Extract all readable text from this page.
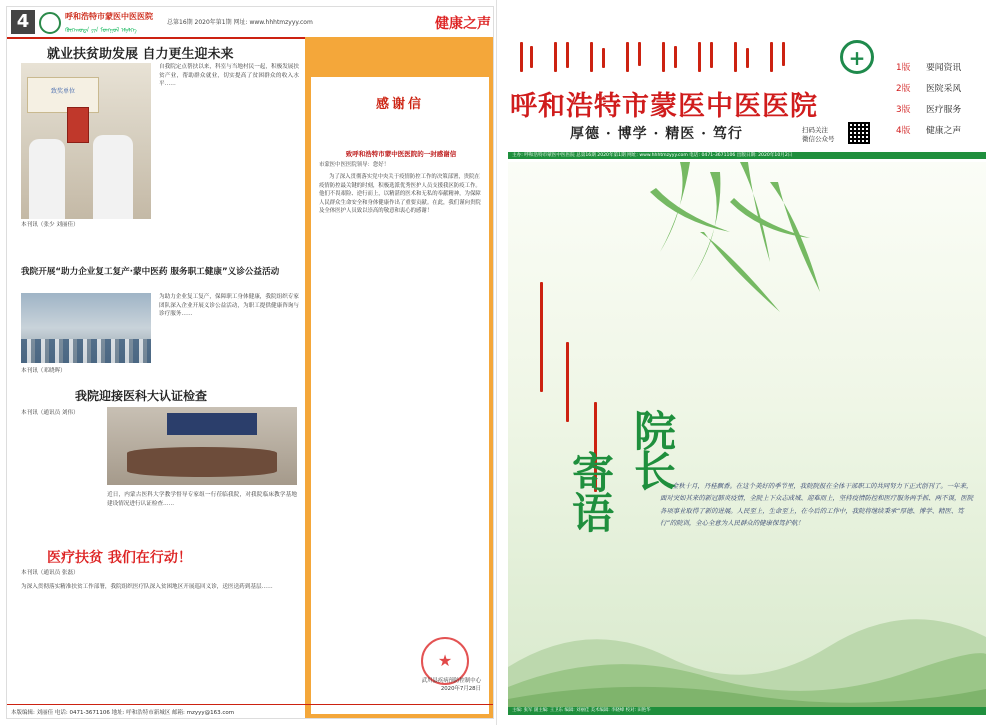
4	呼和浩特市蒙医中医医院
ᠬᠥᠬᠡᠬᠣᠲᠠ ᠶᠢᠨ ᠮᠣᠩᠭᠣᠯ ᠡᠮᠨᠡᠯᠭᠡ
总第16期 2020年第1期 网址: www.hhhtmzyyy.com	健康之声
就业扶贫助发展 自力更生迎未来
致奖单位
自我院定点帮扶以来，科室与当地村民一起，积极发展扶贫产业，帮助群众就业，切实提高了贫困群众的收入水平……
本刊讯（张少 刘丽佳）
我院开展“助力企业复工复产·蒙中医药 服务职工健康”义诊公益活动
为助力企业复工复产，保障职工身体健康，我院组织专家团队深入企业开展义诊公益活动，为职工提供健康咨询与诊疗服务……
本刊讯（邓晓晖）
我院迎接医科大认证检查
本刊讯（通讯员 刘伟）
近日，内蒙古医科大学教学督导专家组一行莅临我院，对我院临床教学基地建设情况进行认证检查……
医疗扶贫 我们在行动！
本刊讯（通讯员 张磊）
为深入贯彻落实精准扶贫工作部署，我院组织医疗队深入贫困地区开展巡回义诊，送医送药到基层……
感谢信
致呼和浩特市蒙中医医院的一封感谢信
市蒙医中医医院领导：您好！
为了深入贯彻落实党中央关于疫情防控工作的决策部署，贵院在疫情防控最关键的时刻，积极选派优秀医护人员支援我区防疫工作。他们不畏艰险、逆行而上，以精湛的医术和无私的奉献精神，为保障人民群众生命安全和身体健康作出了重要贡献。在此，我们谨向贵院及全体医护人员致以崇高的敬意和衷心的感谢！
★
武川县疾病预防控制中心
2020年7月28日
本版编辑: 刘丽佳 电话: 0471-3671106 地址: 呼和浩特市新城区 邮箱: mzyyy@163.com
+
呼和浩特市蒙医中医医院
厚德 · 博学 · 精医 · 笃行	扫码关注
微信公众号
1版	要闻资讯
2版	医院采风
3版	医疗服务
4版	健康之声
主办: 呼和浩特市蒙医中医医院 总第16期 2020年第1期 网址: www.hhhtmzyyy.com 电话: 0471-3671106 出版日期: 2020年10月2日
院
长
寄
语
金秋十月，丹桂飘香。在这个美好的季节里，我院院报在全体干部职工的共同努力下正式创刊了。一年来，面对突如其来的新冠肺炎疫情，全院上下众志成城、迎难而上，坚持疫情防控和医疗服务两手抓、两不误，医院各项事业取得了新的进展。人民至上，生命至上，在今后的工作中，我院将继续秉承“厚德、博学、精医、笃行”的院训，全心全意为人民群众的健康保驾护航！
主编: 张军 副主编: 王卫东 编辑: 刘丽佳 美术编辑: 李晓峰 校对: 田艳华
